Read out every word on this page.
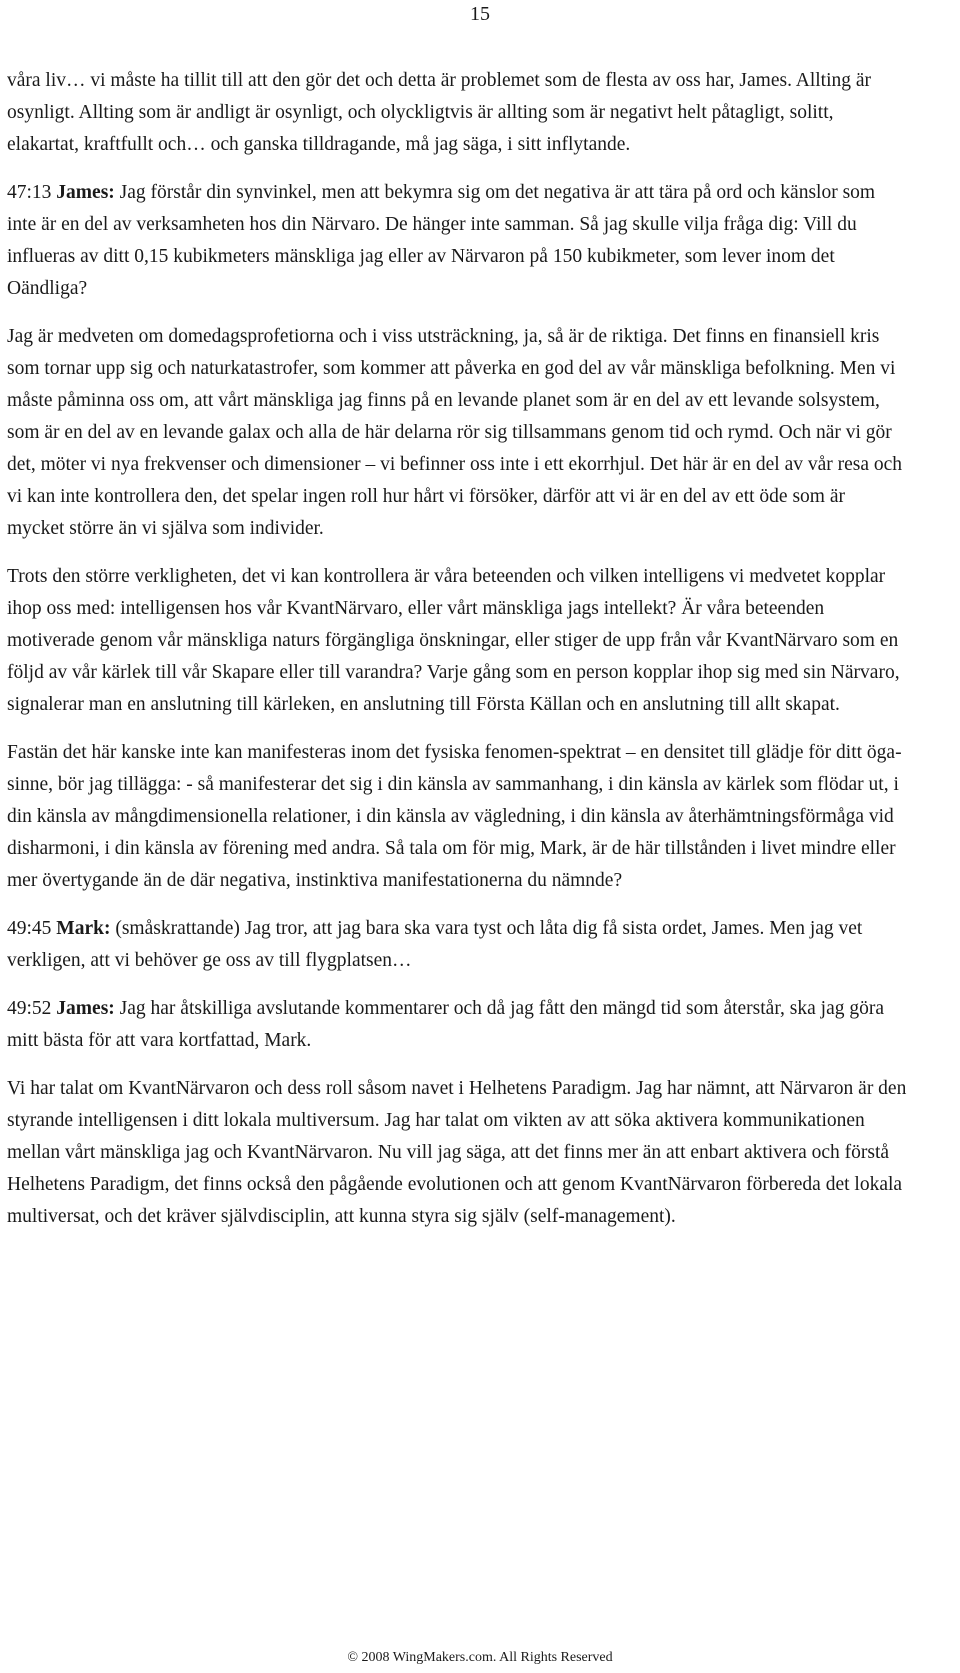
15

våra liv… vi måste ha tillit till att den gör det och detta är problemet som de flesta av oss har, James. Allting är osynligt. Allting som är andligt är osynligt, och olyckligtvis är allting som är negativt helt påtagligt, solitt, elakartat, kraftfullt och… och ganska tilldragande, må jag säga, i sitt inflytande.

47:13 James: Jag förstår din synvinkel, men att bekymra sig om det negativa är att tära på ord och känslor som inte är en del av verksamheten hos din Närvaro. De hänger inte samman. Så jag skulle vilja fråga dig: Vill du influeras av ditt 0,15 kubikmeters mänskliga jag eller av Närvaron på 150 kubikmeter, som lever inom det Oändliga?

Jag är medveten om domedagsprofetiorna och i viss utsträckning, ja, så är de riktiga. Det finns en finansiell kris som tornar upp sig och naturkatastrofer, som kommer att påverka en god del av vår mänskliga befolkning. Men vi måste påminna oss om, att vårt mänskliga jag finns på en levande planet som är en del av ett levande solsystem, som är en del av en levande galax och alla de här delarna rör sig tillsammans genom tid och rymd. Och när vi gör det, möter vi nya frekvenser och dimensioner – vi befinner oss inte i ett ekorrhjul. Det här är en del av vår resa och vi kan inte kontrollera den, det spelar ingen roll hur hårt vi försöker, därför att vi är en del av ett öde som är mycket större än vi själva som individer.

Trots den större verkligheten, det vi kan kontrollera är våra beteenden och vilken intelligens vi medvetet kopplar ihop oss med: intelligensen hos vår KvantNärvaro, eller vårt mänskliga jags intellekt? Är våra beteenden motiverade genom vår mänskliga naturs förgängliga önskningar, eller stiger de upp från vår KvantNärvaro som en följd av vår kärlek till vår Skapare eller till varandra? Varje gång som en person kopplar ihop sig med sin Närvaro, signalerar man en anslutning till kärleken, en anslutning till Första Källan och en anslutning till allt skapat.

Fastän det här kanske inte kan manifesteras inom det fysiska fenomen-spektrat – en densitet till glädje för ditt öga-sinne, bör jag tillägga: - så manifesterar det sig i din känsla av sammanhang, i din känsla av kärlek som flödar ut, i din känsla av mångdimensionella relationer, i din känsla av vägledning, i din känsla av återhämtningsförmåga vid disharmoni, i din känsla av förening med andra. Så tala om för mig, Mark, är de här tillstånden i livet mindre eller mer övertygande än de där negativa, instinktiva manifestationerna du nämnde?

49:45 Mark: (småskrattande) Jag tror, att jag bara ska vara tyst och låta dig få sista ordet, James. Men jag vet verkligen, att vi behöver ge oss av till flygplatsen…

49:52 James: Jag har åtskilliga avslutande kommentarer och då jag fått den mängd tid som återstår, ska jag göra mitt bästa för att vara kortfattad, Mark.

Vi har talat om KvantNärvaron och dess roll såsom navet i Helhetens Paradigm. Jag har nämnt, att Närvaron är den styrande intelligensen i ditt lokala multiversum. Jag har talat om vikten av att söka aktivera kommunikationen mellan vårt mänskliga jag och KvantNärvaron. Nu vill jag säga, att det finns mer än att enbart aktivera och förstå Helhetens Paradigm, det finns också den pågående evolutionen och att genom KvantNärvaron förbereda det lokala multiversat, och det kräver självdisciplin, att kunna styra sig själv (self-management).

© 2008 WingMakers.com. All Rights Reserved
